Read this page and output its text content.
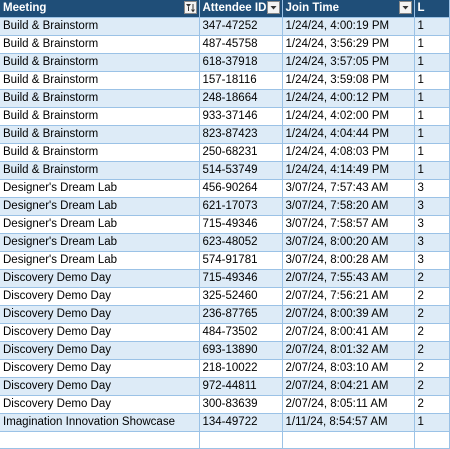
Meeting	Attendee ID	Join Time	L
Build & Brainstorm	347-47252	1/24/24, 4:00:19 PM	1
Build & Brainstorm	487-45758	1/24/24, 3:56:29 PM	1
Build & Brainstorm	618-37918	1/24/24, 3:57:05 PM	1
Build & Brainstorm	157-18116	1/24/24, 3:59:08 PM	1
Build & Brainstorm	248-18664	1/24/24, 4:00:12 PM	1
Build & Brainstorm	933-37146	1/24/24, 4:02:00 PM	1
Build & Brainstorm	823-87423	1/24/24, 4:04:44 PM	1
Build & Brainstorm	250-68231	1/24/24, 4:08:03 PM	1
Build & Brainstorm	514-53749	1/24/24, 4:14:49 PM	1
Designer's Dream Lab	456-90264	3/07/24, 7:57:43 AM	3
Designer's Dream Lab	621-17073	3/07/24, 7:58:20 AM	3
Designer's Dream Lab	715-49346	3/07/24, 7:58:57 AM	3
Designer's Dream Lab	623-48052	3/07/24, 8:00:20 AM	3
Designer's Dream Lab	574-91781	3/07/24, 8:00:28 AM	3
Discovery Demo Day	715-49346	2/07/24, 7:55:43 AM	2
Discovery Demo Day	325-52460	2/07/24, 7:56:21 AM	2
Discovery Demo Day	236-87765	2/07/24, 8:00:39 AM	2
Discovery Demo Day	484-73502	2/07/24, 8:00:41 AM	2
Discovery Demo Day	693-13890	2/07/24, 8:01:32 AM	2
Discovery Demo Day	218-10022	2/07/24, 8:03:10 AM	2
Discovery Demo Day	972-44811	2/07/24, 8:04:21 AM	2
Discovery Demo Day	300-83639	2/07/24, 8:05:11 AM	2
Imagination Innovation Showcase	134-49722	1/11/24, 8:54:57 AM	1
